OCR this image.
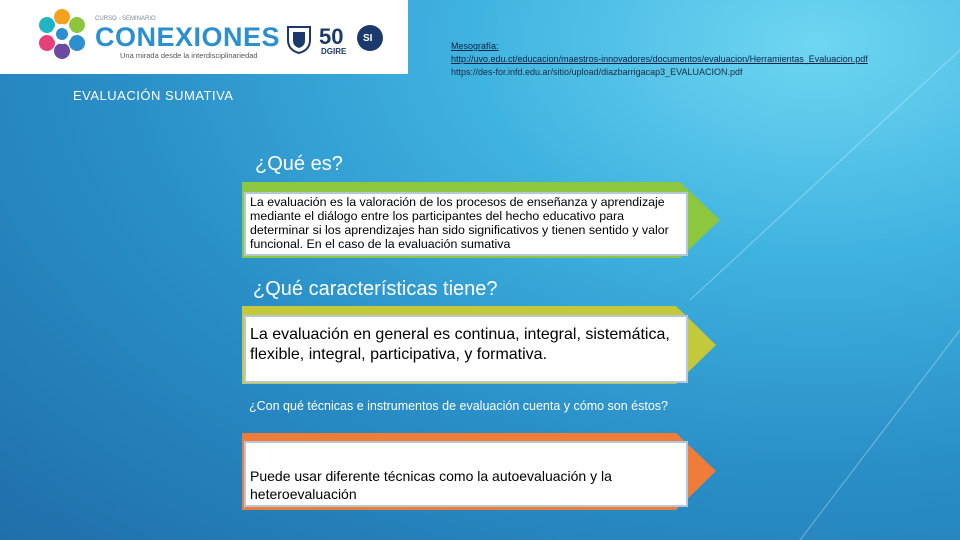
CURSO · SEMINARIO
CONEXIONES
Una mirada desde la interdisciplinariedad
50
DGIRE
SI
Mesografía:
http://uvo.edu.ct/educacion/maestros-innovadores/documentos/evaluacion/Herramientas_Evaluacion.pdf
https://des-for.infd.edu.ar/sitio/upload/diazbarrigacap3_EVALUACION.pdf
EVALUACIÓN SUMATIVA
¿Qué es?
La evaluación es la valoración de los procesos de enseñanza y aprendizaje mediante el diálogo entre los participantes del hecho educativo para determinar si los aprendizajes han sido significativos y tienen sentido y valor funcional. En el caso de la evaluación sumativa
¿Qué características tiene?
La evaluación en general es continua, integral, sistemática, flexible, integral, participativa, y formativa.
¿Con qué técnicas e instrumentos de evaluación cuenta y cómo son éstos?
Puede usar diferente técnicas como la autoevaluación y la heteroevaluación
